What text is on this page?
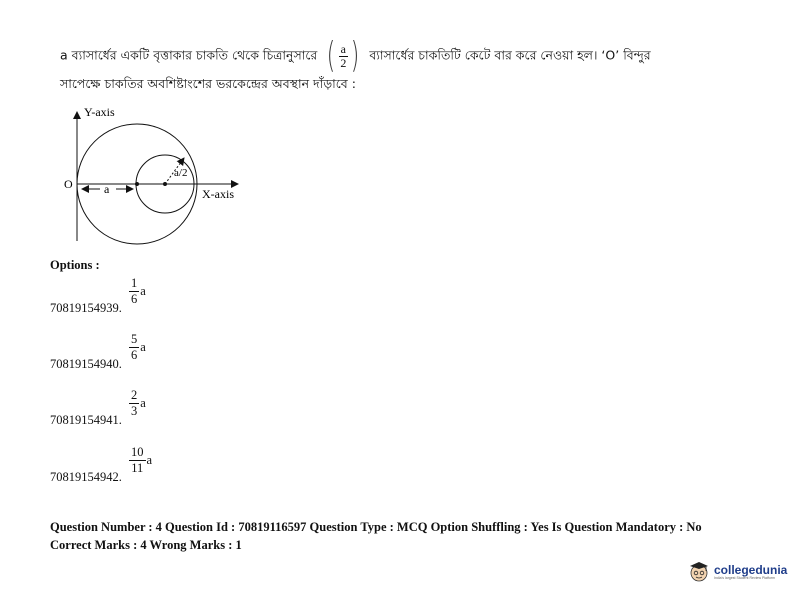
a ব্যাসার্ধের একটি বৃত্তাকার চাকতি থেকে চিত্রানুসারে ( $\frac{a}{2}$ ) ব্যাসার্ধের চাকতিটি কেটে বার করে নেওয়া হল। ‘O’ বিন্দুর
সাপেক্ষে চাকতির অবশিষ্টাংশের ভরকেন্দ্রের অবস্থান দাঁড়াবে :
Y-axis
X-axis
O	a
a/2
Options :
$\frac{1}{6}$ a
70819154939.
$\frac{5}{6}$ a
70819154940.
$\frac{2}{3}$ a
70819154941.
$\frac{10}{11}$ a
70819154942.
Question Number : 4 Question Id : 70819116597 Question Type : MCQ Option Shuffling : Yes Is Question Mandatory : No
Correct Marks : 4 Wrong Marks : 1
collegedunia
India's largest Student Review Platform
